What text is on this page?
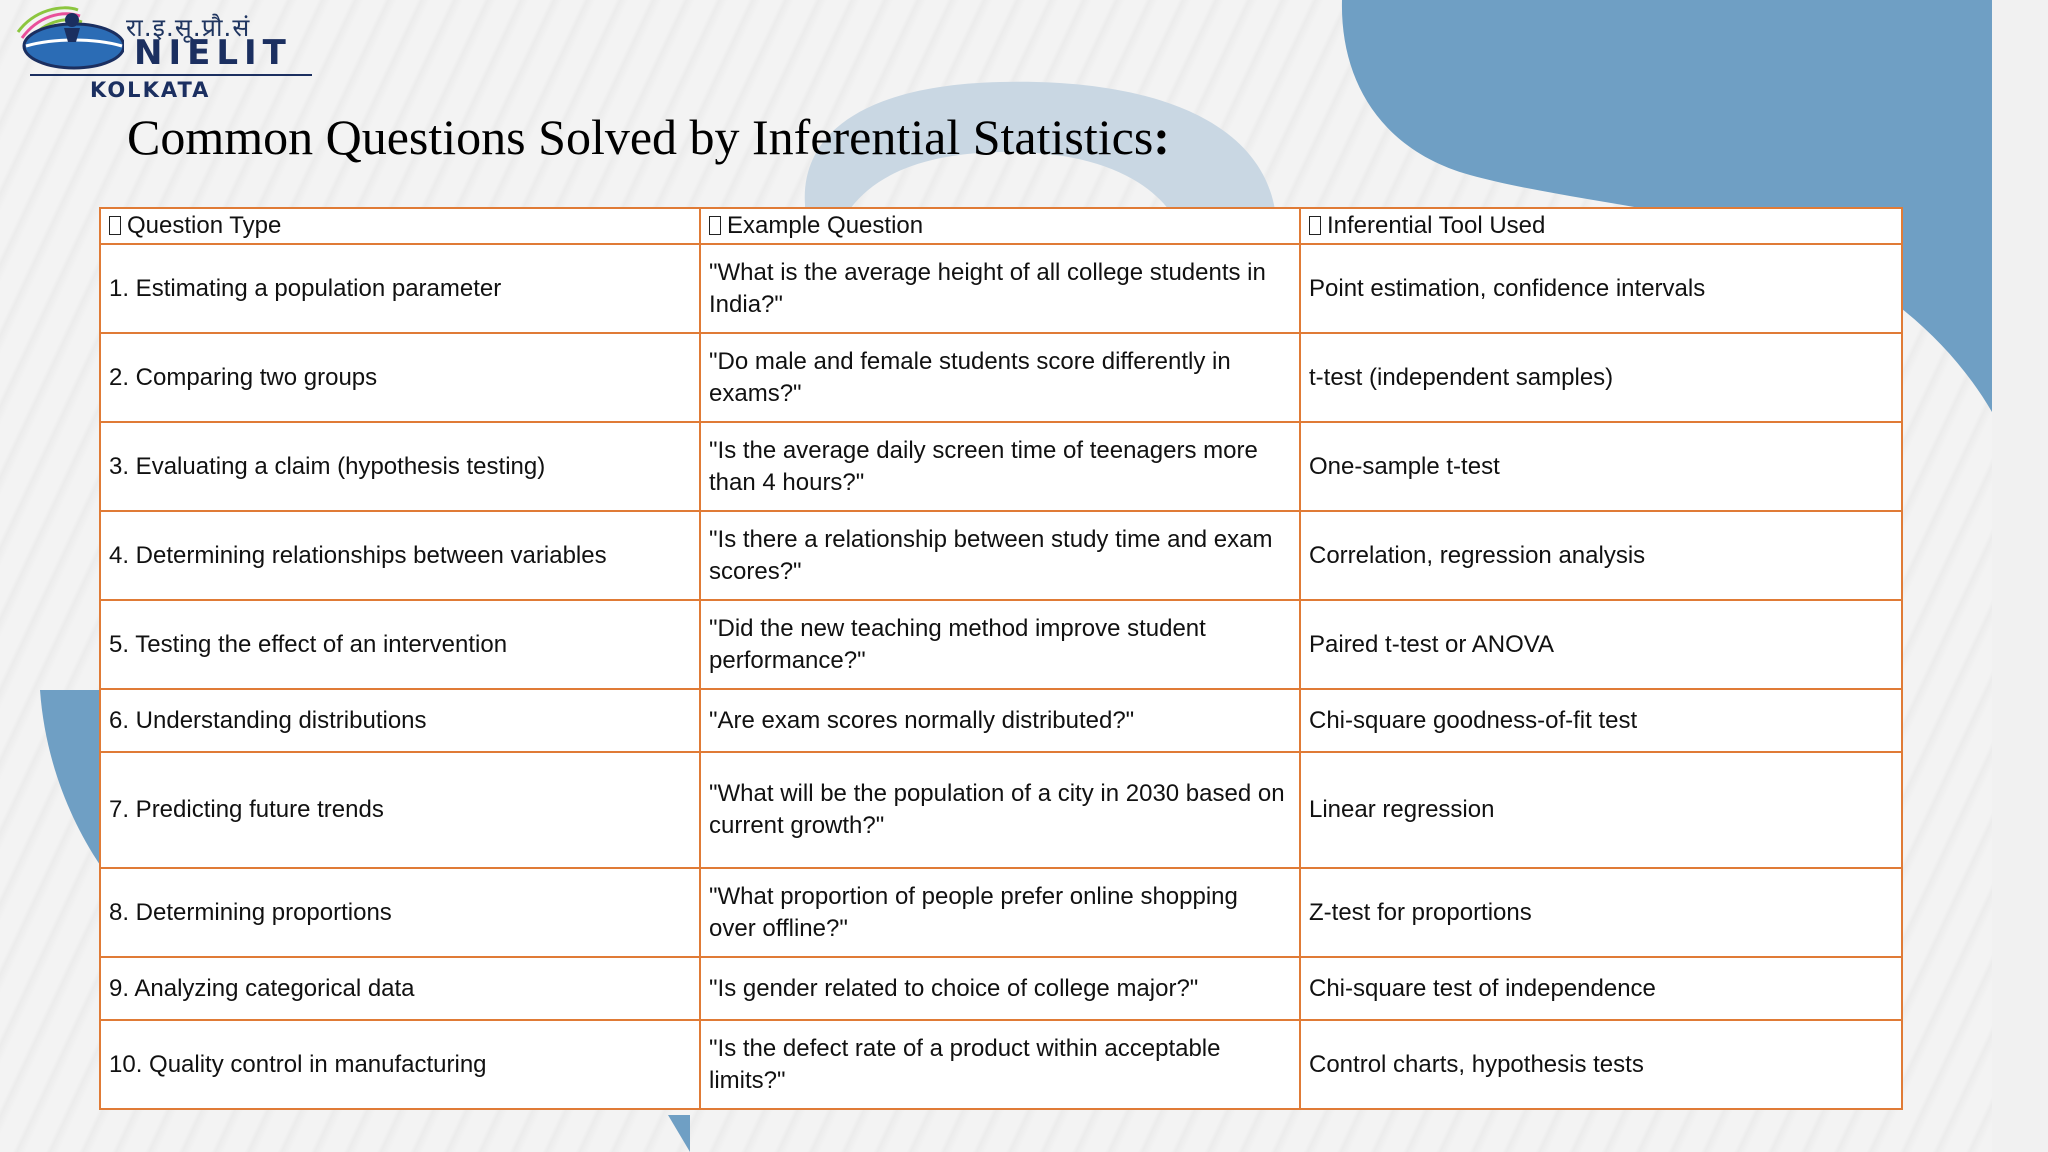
रा.इ.सू.प्रौ.सं
NIELIT
KOLKATA
Common Questions Solved by Inferential Statistics:
Question Type	Example Question	Inferential Tool Used
1. Estimating a population parameter	"What is the average height of all college students in India?"	Point estimation, confidence intervals
2. Comparing two groups	"Do male and female students score differently in exams?"	t-test (independent samples)
3. Evaluating a claim (hypothesis testing)	"Is the average daily screen time of teenagers more than 4 hours?"	One-sample t-test
4. Determining relationships between variables	"Is there a relationship between study time and exam scores?"	Correlation, regression analysis
5. Testing the effect of an intervention	"Did the new teaching method improve student performance?"	Paired t-test or ANOVA
6. Understanding distributions	"Are exam scores normally distributed?"	Chi-square goodness-of-fit test
7. Predicting future trends	"What will be the population of a city in 2030 based on current growth?"	Linear regression
8. Determining proportions	"What proportion of people prefer online shopping over offline?"	Z-test for proportions
9. Analyzing categorical data	"Is gender related to choice of college major?"	Chi-square test of independence
10. Quality control in manufacturing	"Is the defect rate of a product within acceptable limits?"	Control charts, hypothesis tests
